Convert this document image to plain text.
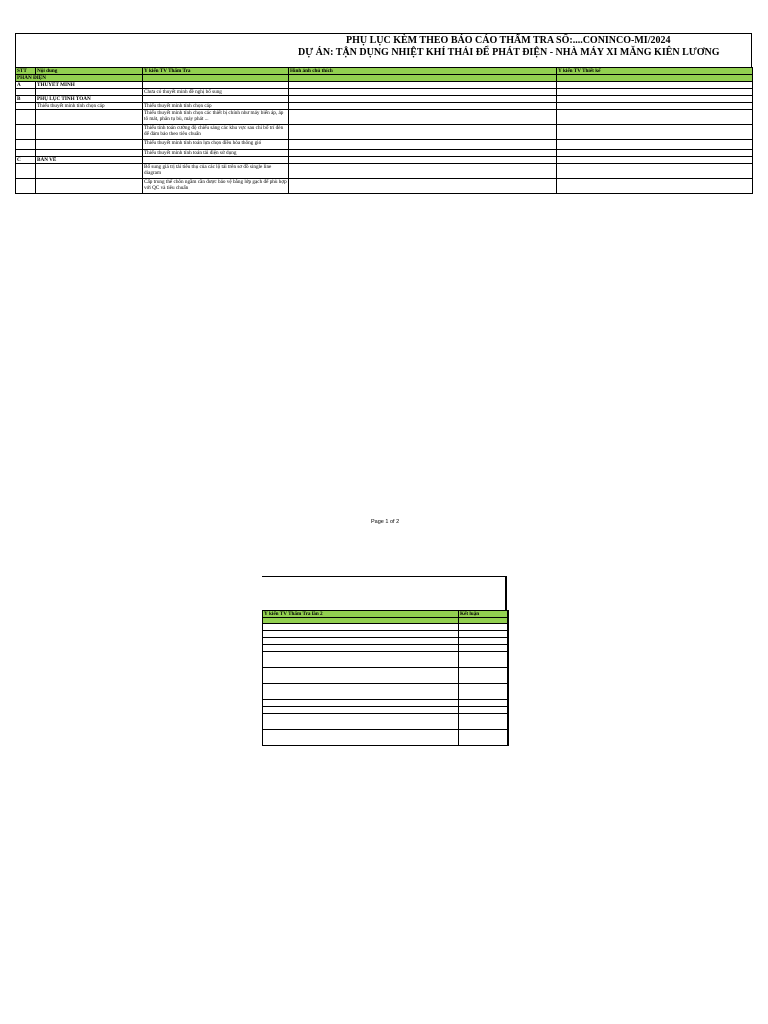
PHỤ LỤC KÈM THEO BÁO CÁO THẨM TRA SỐ:....CONINCO-MI/2024
DỰ ÁN: TẬN DỤNG NHIỆT KHÍ THẢI ĐỂ PHÁT ĐIỆN - NHÀ MÁY XI MĂNG KIÊN LƯƠNG
STT	Nội dung	Ý kiến TV Thẩm Tra	Hình ảnh chú thích	Ý kiến TV Thiết kế
PHẦN ĐIỆN				
A	THUYẾT MINH			
		Chưa có thuyết minh đề nghị bổ sung		
B	PHỤ LỤC TÍNH TOÁN			
	Thiếu thuyết minh tính chọn cáp	Thiếu thuyết minh tính chọn cáp		
		Thiếu thuyết minh tính chọn các thiết bị chính như máy biến áp, áp tô mát, phân tụ bù, máy phát ...		
		Thiếu tính toán cường độ chiếu sáng các khu vực sau chi bố trí đèn để đảm bảo theo tiêu chuẩn		
		Thiếu thuyết minh tính toán lựa chọn điều hòa thông gió		
		Thiếu thuyết minh tính toán tải điện sử dụng		
C	BẢN VẼ			
		Bổ sung giá trị tải tiêu thụ của các lộ tải trên sơ đồ single line diagram		
		Cấp trung thế chôn ngầm cần được bảo vệ bằng lớp gạch để phù hợp với QC và tiêu chuẩn		
Page 1 of 2
Ý kiến TV Thẩm Tra lần 2	Kết luận
